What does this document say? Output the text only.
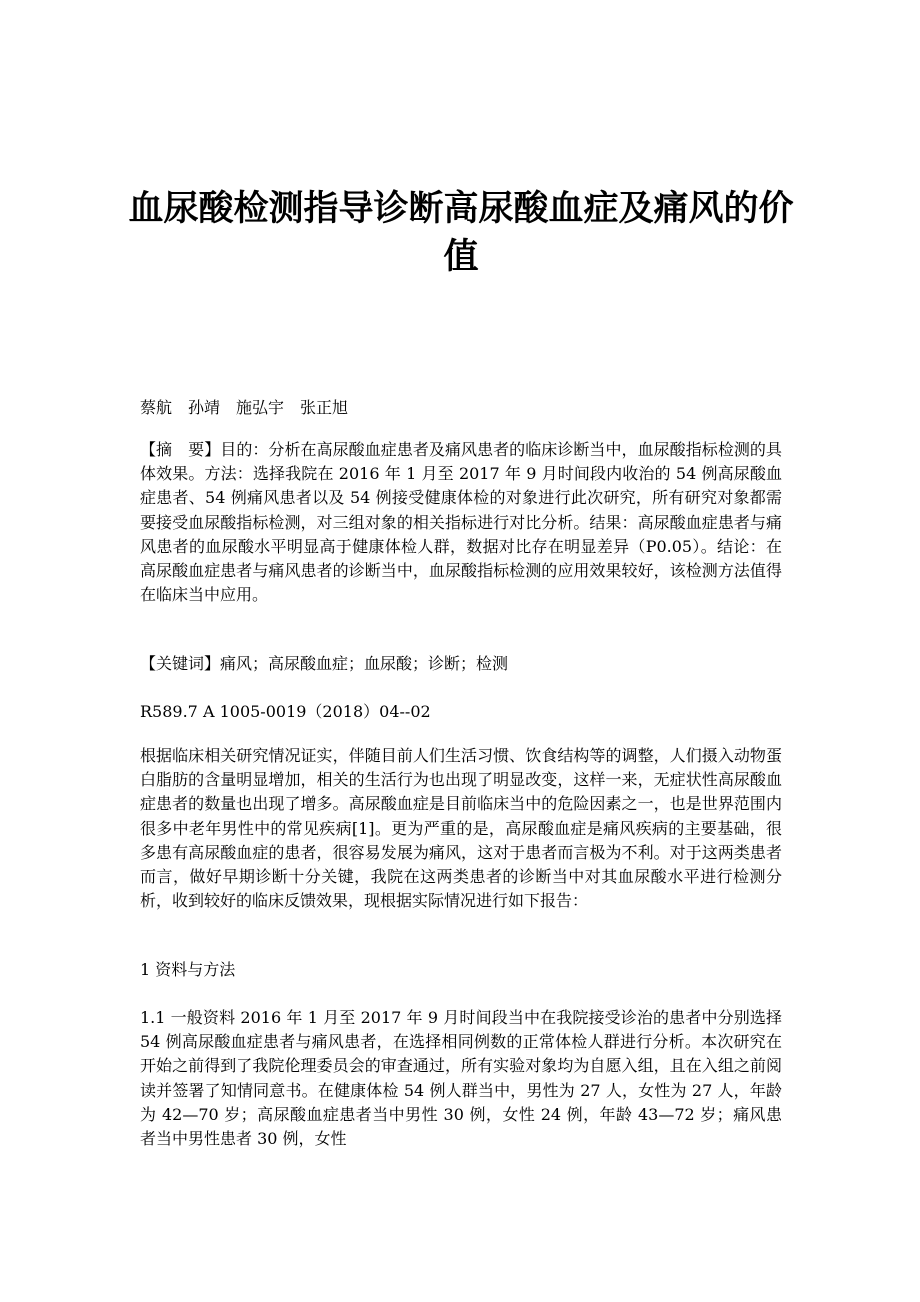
血尿酸检测指导诊断高尿酸血症及痛风的价值

蔡航　孙靖　施弘宇　张正旭

【摘　要】目的：分析在高尿酸血症患者及痛风患者的临床诊断当中，血尿酸指标检测的具体效果。方法：选择我院在 2016 年 1 月至 2017 年 9 月时间段内收治的 54 例高尿酸血症患者、54 例痛风患者以及 54 例接受健康体检的对象进行此次研究，所有研究对象都需要接受血尿酸指标检测，对三组对象的相关指标进行对比分析。结果：高尿酸血症患者与痛风患者的血尿酸水平明显高于健康体检人群，数据对比存在明显差异（P0.05）。结论：在高尿酸血症患者与痛风患者的诊断当中，血尿酸指标检测的应用效果较好，该检测方法值得在临床当中应用。

【关键词】痛风；高尿酸血症；血尿酸；诊断；检测

R589.7 A 1005-0019（2018）04--02

根据临床相关研究情况证实，伴随目前人们生活习惯、饮食结构等的调整，人们摄入动物蛋白脂肪的含量明显增加，相关的生活行为也出现了明显改变，这样一来，无症状性高尿酸血症患者的数量也出现了增多。高尿酸血症是目前临床当中的危险因素之一，也是世界范围内很多中老年男性中的常见疾病[1]。更为严重的是，高尿酸血症是痛风疾病的主要基础，很多患有高尿酸血症的患者，很容易发展为痛风，这对于患者而言极为不利。对于这两类患者而言，做好早期诊断十分关键，我院在这两类患者的诊断当中对其血尿酸水平进行检测分析，收到较好的临床反馈效果，现根据实际情况进行如下报告：

1 资料与方法

1.1 一般资料 2016 年 1 月至 2017 年 9 月时间段当中在我院接受诊治的患者中分别选择 54 例高尿酸血症患者与痛风患者，在选择相同例数的正常体检人群进行分析。本次研究在开始之前得到了我院伦理委员会的审查通过，所有实验对象均为自愿入组，且在入组之前阅读并签署了知情同意书。在健康体检 54 例人群当中，男性为 27 人，女性为 27 人，年龄为 42—70 岁；高尿酸血症患者当中男性 30 例，女性 24 例，年龄 43—72 岁；痛风患者当中男性患者 30 例，女性
